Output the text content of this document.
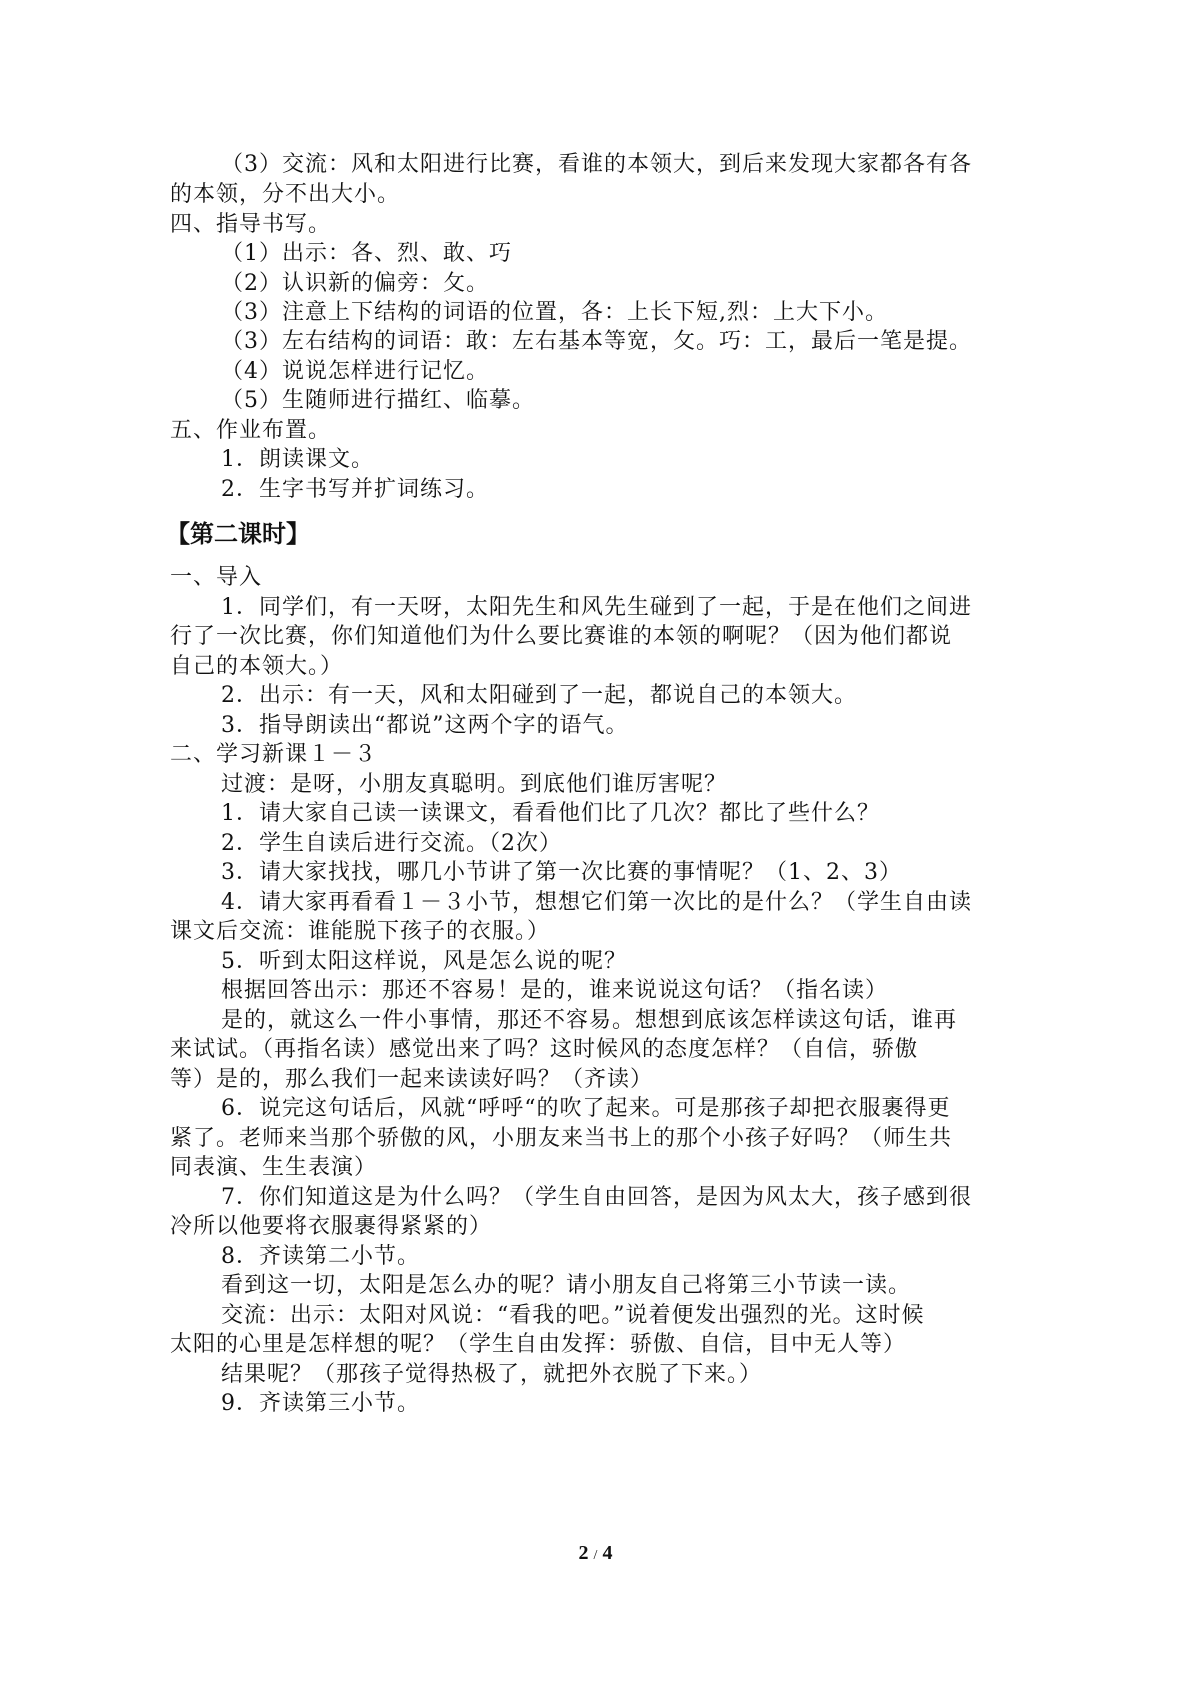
（3）交流：风和太阳进行比赛，看谁的本领大，到后来发现大家都各有各
的本领，分不出大小。
四、指导书写。
（1）出示：各、烈、敢、巧
（2）认识新的偏旁：攵。
（3）注意上下结构的词语的位置，各：上长下短,烈：上大下小。
（3）左右结构的词语：敢：左右基本等宽，攵。巧：工，最后一笔是提。
（4）说说怎样进行记忆。
（5）生随师进行描红、临摹。
五、作业布置。
1．朗读课文。
2．生字书写并扩词练习。
【第二课时】
一、导入
1．同学们，有一天呀，太阳先生和风先生碰到了一起，于是在他们之间进
行了一次比赛，你们知道他们为什么要比赛谁的本领的啊呢？（因为他们都说
自己的本领大。）
2．出示：有一天，风和太阳碰到了一起，都说自己的本领大。
3．指导朗读出“都说”这两个字的语气。
二、学习新课１－３
过渡：是呀，小朋友真聪明。到底他们谁厉害呢？
1．请大家自己读一读课文，看看他们比了几次？都比了些什么？
2．学生自读后进行交流。（2次）
3．请大家找找，哪几小节讲了第一次比赛的事情呢？（1、2、3）
4．请大家再看看１－３小节，想想它们第一次比的是什么？（学生自由读
课文后交流：谁能脱下孩子的衣服。）
5．听到太阳这样说，风是怎么说的呢？
根据回答出示：那还不容易！是的，谁来说说这句话？（指名读）
是的，就这么一件小事情，那还不容易。想想到底该怎样读这句话，谁再
来试试。（再指名读）感觉出来了吗？这时候风的态度怎样？（自信，骄傲
等）是的，那么我们一起来读读好吗？（齐读）
6．说完这句话后，风就“呼呼“的吹了起来。可是那孩子却把衣服裹得更
紧了。老师来当那个骄傲的风，小朋友来当书上的那个小孩子好吗？（师生共
同表演、生生表演）
7．你们知道这是为什么吗？（学生自由回答，是因为风太大，孩子感到很
冷所以他要将衣服裹得紧紧的）
8．齐读第二小节。
看到这一切，太阳是怎么办的呢？请小朋友自己将第三小节读一读。
交流：出示：太阳对风说：“看我的吧。”说着便发出强烈的光。这时候
太阳的心里是怎样想的呢？（学生自由发挥：骄傲、自信，目中无人等）
结果呢？（那孩子觉得热极了，就把外衣脱了下来。）
9．齐读第三小节。
2 / 4
